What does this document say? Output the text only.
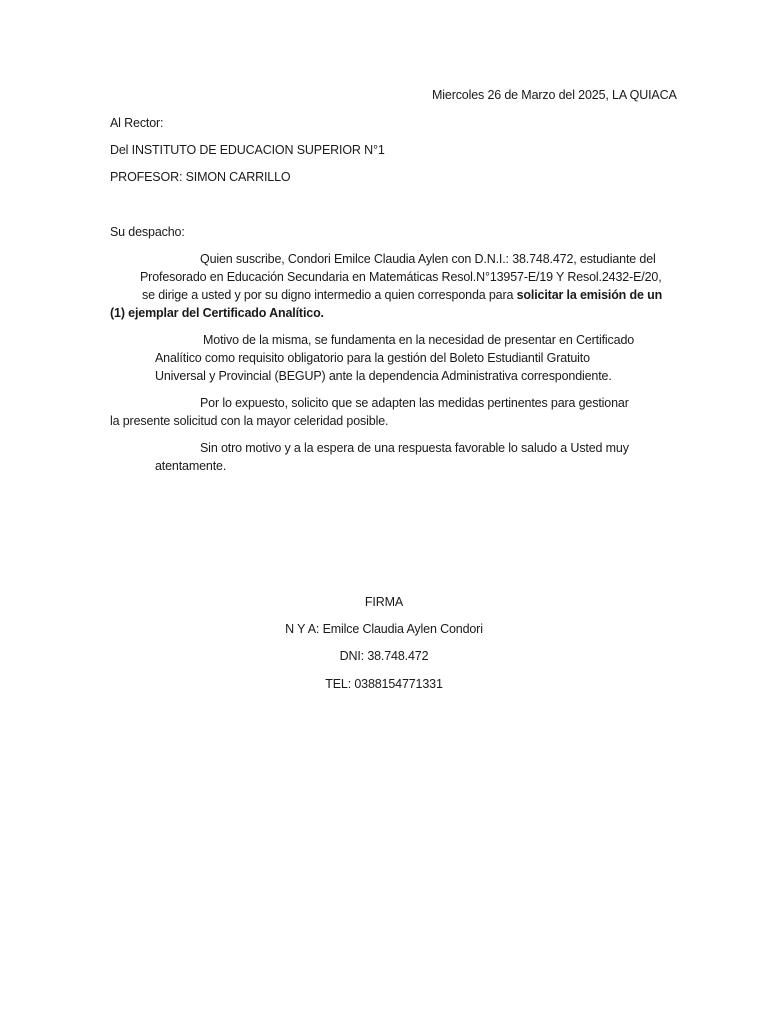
Miercoles 26 de Marzo del 2025, LA QUIACA
Al Rector:
Del INSTITUTO DE EDUCACION SUPERIOR N°1
PROFESOR: SIMON CARRILLO
Su despacho:
Quien suscribe, Condori Emilce Claudia Aylen con D.N.I.: 38.748.472, estudiante del
Profesorado en Educación Secundaria en Matemáticas Resol.N°13957-E/19 Y Resol.2432-E/20,
se dirige a usted y por su digno intermedio a quien corresponda para solicitar la emisión de un
(1) ejemplar del Certificado Analítico.
Motivo de la misma, se fundamenta en la necesidad de presentar en Certificado
Analítico como requisito obligatorio para la gestión del Boleto Estudiantil Gratuito
Universal y Provincial (BEGUP) ante la dependencia Administrativa correspondiente.
Por lo expuesto, solicito que se adapten las medidas pertinentes para gestionar
la presente solicitud con la mayor celeridad posible.
Sin otro motivo y a la espera de una respuesta favorable lo saludo a Usted muy
atentamente.
FIRMA
N Y A: Emilce Claudia Aylen Condori
DNI: 38.748.472
TEL: 0388154771331
